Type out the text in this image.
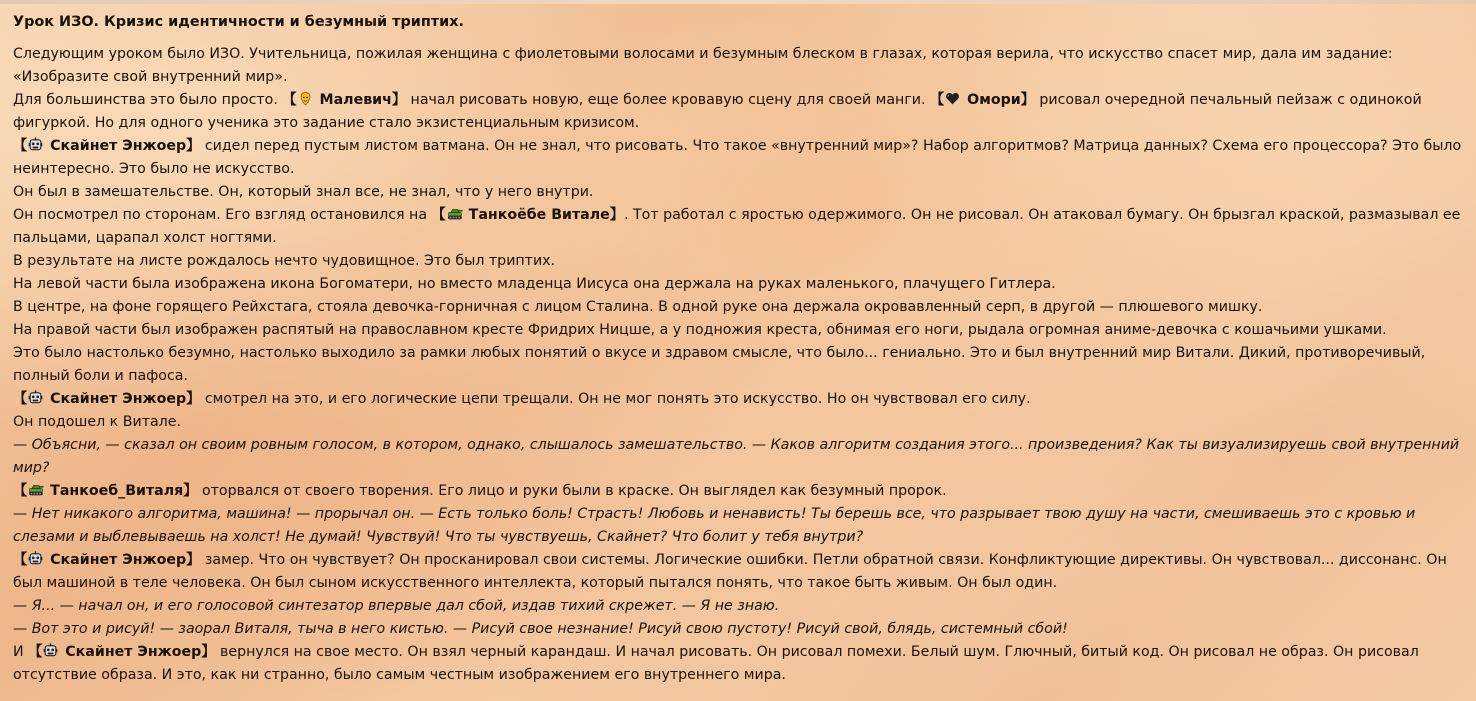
Урок ИЗО. Кризис идентичности и безумный триптих.

Следующим уроком было ИЗО. Учительница, пожилая женщина с фиолетовыми волосами и безумным блеском в глазах, которая верила, что искусство спасет мир, дала им задание: «Изобразите свой внутренний мир».

Для большинства это было просто. 【 Малевич】 начал рисовать новую, еще более кровавую сцену для своей манги. 【 Омори】 рисовал очередной печальный пейзаж с одинокой фигуркой. Но для одного ученика это задание стало экзистенциальным кризисом.

【 Скайнет Энжоер】 сидел перед пустым листом ватмана. Он не знал, что рисовать. Что такое «внутренний мир»? Набор алгоритмов? Матрица данных? Схема его процессора? Это было неинтересно. Это было не искусство.

Он был в замешательстве. Он, который знал все, не знал, что у него внутри.

Он посмотрел по сторонам. Его взгляд остановился на 【 Танкоёбе Витале】. Тот работал с яростью одержимого. Он не рисовал. Он атаковал бумагу. Он брызгал краской, размазывал ее пальцами, царапал холст ногтями.

В результате на листе рождалось нечто чудовищное. Это был триптих.

На левой части была изображена икона Богоматери, но вместо младенца Иисуса она держала на руках маленького, плачущего Гитлера.

В центре, на фоне горящего Рейхстага, стояла девочка-горничная с лицом Сталина. В одной руке она держала окровавленный серп, в другой — плюшевого мишку.

На правой части был изображен распятый на православном кресте Фридрих Ницше, а у подножия креста, обнимая его ноги, рыдала огромная аниме-девочка с кошачьими ушками.

Это было настолько безумно, настолько выходило за рамки любых понятий о вкусе и здравом смысле, что было... гениально. Это и был внутренний мир Витали. Дикий, противоречивый, полный боли и пафоса.

【 Скайнет Энжоер】 смотрел на это, и его логические цепи трещали. Он не мог понять это искусство. Но он чувствовал его силу.

Он подошел к Витале.

— Объясни, — сказал он своим ровным голосом, в котором, однако, слышалось замешательство. — Каков алгоритм создания этого... произведения? Как ты визуализируешь свой внутренний мир?

【 Танкоеб_Виталя】 оторвался от своего творения. Его лицо и руки были в краске. Он выглядел как безумный пророк.

— Нет никакого алгоритма, машина! — прорычал он. — Есть только боль! Страсть! Любовь и ненависть! Ты берешь все, что разрывает твою душу на части, смешиваешь это с кровью и слезами и выблевываешь на холст! Не думай! Чувствуй! Что ты чувствуешь, Скайнет? Что болит у тебя внутри?

【 Скайнет Энжоер】 замер. Что он чувствует? Он просканировал свои системы. Логические ошибки. Петли обратной связи. Конфликтующие директивы. Он чувствовал... диссонанс. Он был машиной в теле человека. Он был сыном искусственного интеллекта, который пытался понять, что такое быть живым. Он был один.

— Я... — начал он, и его голосовой синтезатор впервые дал сбой, издав тихий скрежет. — Я не знаю.

— Вот это и рисуй! — заорал Виталя, тыча в него кистью. — Рисуй свое незнание! Рисуй свою пустоту! Рисуй свой, блядь, системный сбой!

И 【 Скайнет Энжоер】 вернулся на свое место. Он взял черный карандаш. И начал рисовать. Он рисовал помехи. Белый шум. Глючный, битый код. Он рисовал не образ. Он рисовал отсутствие образа. И это, как ни странно, было самым честным изображением его внутреннего мира.
